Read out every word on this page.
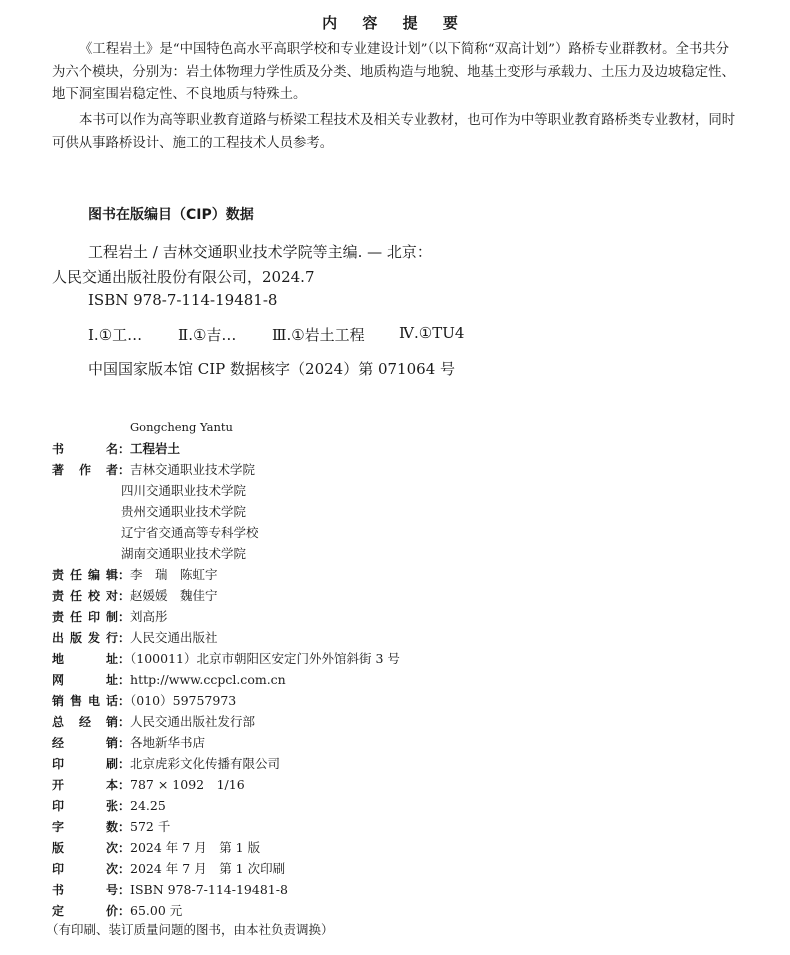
内 容 提 要
《工程岩土》是“中国特色高水平高职学校和专业建设计划”（以下简称“双高计划”）路桥专业群教材。全书共分为六个模块，分别为：岩土体物理力学性质及分类、地质构造与地貌、地基土变形与承载力、土压力及边坡稳定性、地下洞室围岩稳定性、不良地质与特殊土。
本书可以作为高等职业教育道路与桥梁工程技术及相关专业教材，也可作为中等职业教育路桥类专业教材，同时可供从事路桥设计、施工的工程技术人员参考。
图书在版编目（CIP）数据
工程岩土 / 吉林交通职业技术学院等主编. — 北京：
人民交通出版社股份有限公司，2024.7
ISBN 978-7-114-19481-8
Ⅰ.①工… Ⅱ.①吉… Ⅲ.①岩土工程 Ⅳ.①TU4
中国国家版本馆 CIP 数据核字（2024）第 071064 号
Gongcheng Yantu
书名：工程岩土
著作者：吉林交通职业技术学院
四川交通职业技术学院
贵州交通职业技术学院
辽宁省交通高等专科学校
湖南交通职业技术学院
责任编辑：李　瑞　陈虹宇
责任校对：赵媛媛　魏佳宁
责任印制：刘高彤
出版发行：人民交通出版社
地址：（100011）北京市朝阳区安定门外外馆斜街 3 号
网址：http://www.ccpcl.com.cn
销售电话：（010）59757973
总经销：人民交通出版社发行部
经销：各地新华书店
印刷：北京虎彩文化传播有限公司
开本：787 × 1092　1/16
印张：24.25
字数：572 千
版次：2024 年 7 月　第 1 版
印次：2024 年 7 月　第 1 次印刷
书号：ISBN 978-7-114-19481-8
定价：65.00 元
（有印刷、装订质量问题的图书，由本社负责调换）
